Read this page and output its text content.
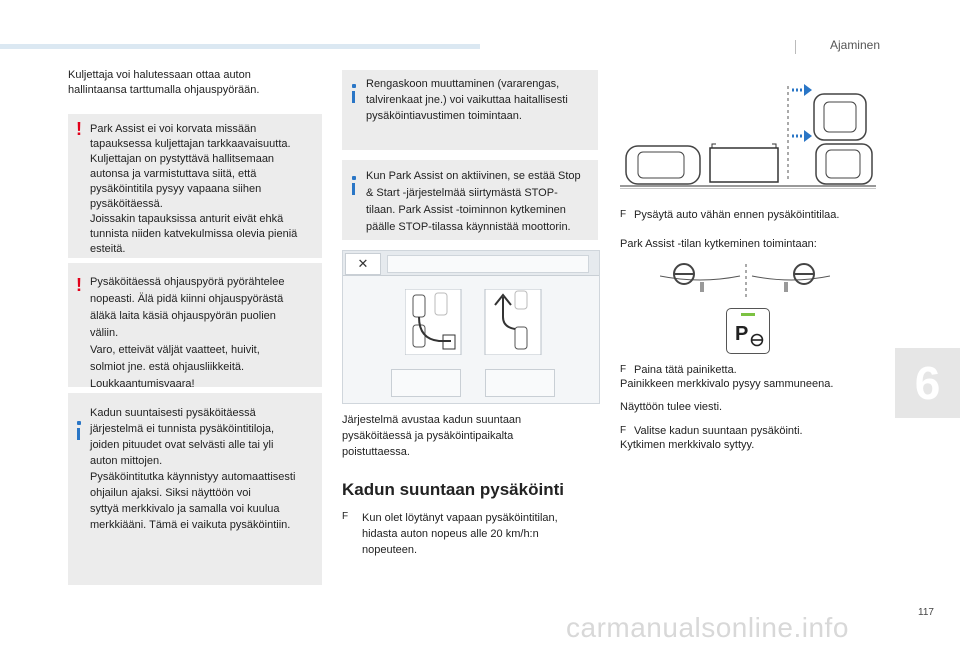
Ajaminen

Kuljettaja voi halutessaan ottaa auton
hallintaansa tarttumalla ohjauspyörään.

! Park Assist ei voi korvata missään
tapauksessa kuljettajan tarkkaavaisuutta.
Kuljettajan on pystyttävä hallitsemaan
autonsa ja varmistuttava siitä, että
pysäköintitila pysyy vapaana siihen
pysäköitäessä.
Joissakin tapauksissa anturit eivät ehkä
tunnista niiden katvekulmissa olevia pieniä
esteitä.

! Pysäköitäessä ohjauspyörä pyörähtelee
nopeasti. Älä pidä kiinni ohjauspyörästä
äläkä laita käsiä ohjauspyörän puolien
väliin.
Varo, etteivät väljät vaatteet, huivit,
solmiot jne. estä ohjausliikkeitä.
Loukkaantumisvaara!

Kadun suuntaisesti pysäköitäessä
järjestelmä ei tunnista pysäköintitiloja,
joiden pituudet ovat selvästi alle tai yli
auton mittojen.
Pysäköintitutka käynnistyy automaattisesti
ohjailun ajaksi. Siksi näyttöön voi
syttyä merkkivalo ja samalla voi kuulua
merkkiääni. Tämä ei vaikuta pysäköintiin.

Rengaskoon muuttaminen (vararengas,
talvirenkaat jne.) voi vaikuttaa haitallisesti
pysäköintiavustimen toimintaan.

Kun Park Assist on aktiivinen, se estää Stop
& Start -järjestelmää siirtymästä STOP-
tilaan. Park Assist -toiminnon kytkeminen
päälle STOP-tilassa käynnistää moottorin.

✕

Järjestelmä avustaa kadun suuntaan
pysäköitäessä ja pysäköintipaikalta
poistuttaessa.

Kadun suuntaan pysäköinti
F Kun olet löytänyt vapaan pysäköintitilan,
hidasta auton nopeus alle 20 km/h:n
nopeuteen.

F Pysäytä auto vähän ennen pysäköintitilaa.

Park Assist -tilan kytkeminen toimintaan:

P
F Paina tätä painiketta.

Painikkeen merkkivalo pysyy sammuneena.

Näyttöön tulee viesti.

F Valitse kadun suuntaan pysäköinti.

Kytkimen merkkivalo syttyy.

6
117
carmanualsonline.info
